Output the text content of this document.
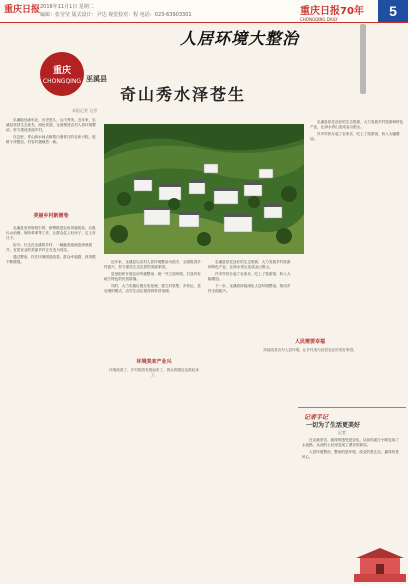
重庆日报 2016年11月1日 星期二
编辑：张莹莹 版式设计：尹达 视觉校对：程 电话：023-63903301	重庆日报70年
CHONGQING DAILY
5
人居环境大整治
重庆
CHONGQING 巫溪县
奇山秀水泽苍生
本报记者 记者

巫溪地处渝东北，历史悠久，山川秀美。近年来，巫溪县坚持生态优先、绿色发展，全面推进农村人居环境整治，努力建设美丽乡村。

在这里，青山绿水间点缀着白墙青瓦的农家小院，道路干净整洁，村容村貌焕然一新。

美丽乡村新画卷

巫溪县坚持规划引领，统筹推进农房风貌改造、垃圾污水治理、厕所革命等工作，让群众住上好房子，过上好日子。

如今，行走在巫溪的乡村，一幅幅美丽画卷徐徐展开，宜居宜业的美丽乡村正在变为现实。

通过整治，村庄环境明显改善，群众幸福感、获得感不断增强。	近年来，巫溪县以农村人居环境整治为抓手，全面推进乡村振兴，努力建设生态宜居的美丽家园。

县里组织开展农房风貌整治，统一外立面风格，打造具有地方特色的民居群落。

同时，大力实施垃圾分类处理，建立村收集、乡转运、县处理的模式，农村生活垃圾得到有效治理。

环境美来产业兴
环境改善了，乡村旅游发展起来了，群众的腰包也鼓起来了。

巫溪县依托良好的生态资源，大力发展乡村旅游和特色产业，让绿水青山变成金山银山。

许多村民办起了农家乐，吃上了旅游饭，收入大幅增加。

下一步，巫溪将持续深化人居环境整治，推动乡村全面振兴。

巫溪县依托良好的生态资源，大力发展乡村旅游和特色产业，让绿水青山变成金山银山。

许多村民办起了农家乐，吃上了旅游饭，收入大幅增加。

人民需要幸福
持续改善农村人居环境，让乡村成为宜居宜业的美好家园。
记者手记
一切为了生活更美好
记者

在巫溪采访，最深的感受是变化。从前的泥泞小路变成了水泥路，从前的土坯房变成了漂亮的新居。

人居环境整治，整治的是环境，改变的是生活，赢得的是民心。
